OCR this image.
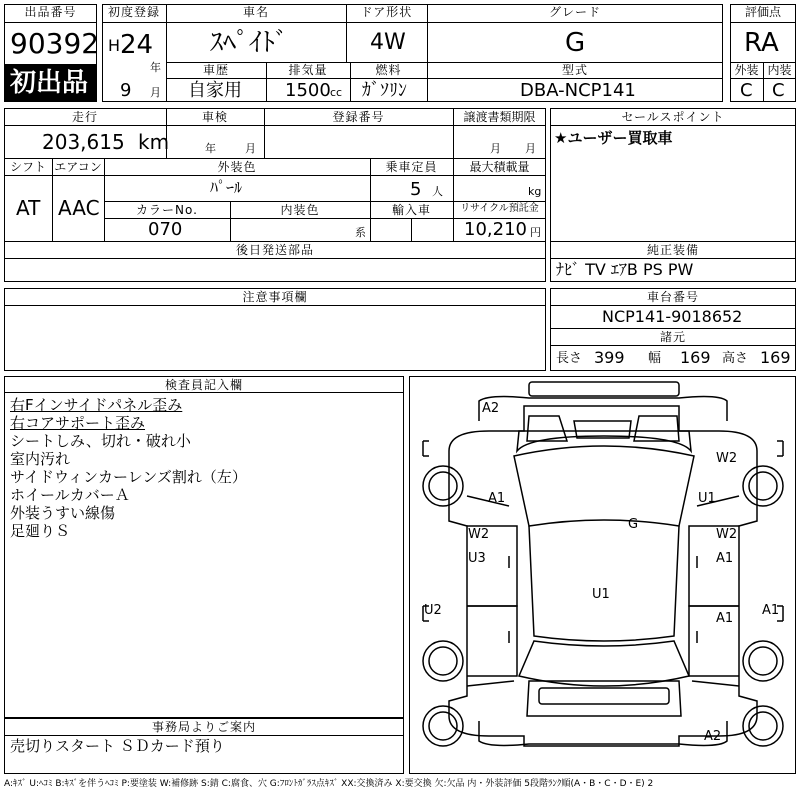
出品番号
90392
初出品
初度登録
H 24
年
9 月
車名
ｽﾍﾟｲﾄﾞ
ドア形状
4W
グレード
G
車歴
自家用
排気量
1500 cc
燃料
ｶﾞｿﾘﾝ
型式
DBA-NCP141
評価点
RA
外装 内装
C C
走行
203,615 km
車検
年	月
登録番号	譲渡書類期限
月 月
シフト
AT
エアコン
AAC
外装色
ﾊﾟｰﾙ
乗車定員
5 人
最大積載量
kg
カラーNo.
070
内装色
系
輸入車	リサイクル預託金
10,210 円
後日発送部品
セールスポイント
★ユーザー買取車
純正装備
ﾅﾋﾞ TV ｴｱB PS PW
注意事項欄	車台番号
NCP141-9018652
諸元
長さ 399 幅 169 高さ 169
検査員記入欄
右Fインサイドパネル歪み
右コアサポート歪み
シートしみ、切れ・破れ小
室内汚れ
サイドウィンカーレンズ割れ（左）
ホイールカバーＡ
外装うすい線傷
足廻りＳ
事務局よりご案内
売切りスタート ＳＤカード預り
A2
A1	U1
W2
G
W2
U3
W2
A1
U1
U2	A1
A1
A2
A:ｷｽﾞ U:ﾍｺﾐ B:ｷｽﾞを伴うﾍｺﾐ P:要塗装 W:補修跡 S:錆 C:腐食、穴 G:ﾌﾛﾝﾄｶﾞﾗｽ点ｷｽﾞ XX:交換済み X:要交換 欠:欠品 内・外装評価 5段階ﾗﾝｸ順(A・B・C・D・E) 2
